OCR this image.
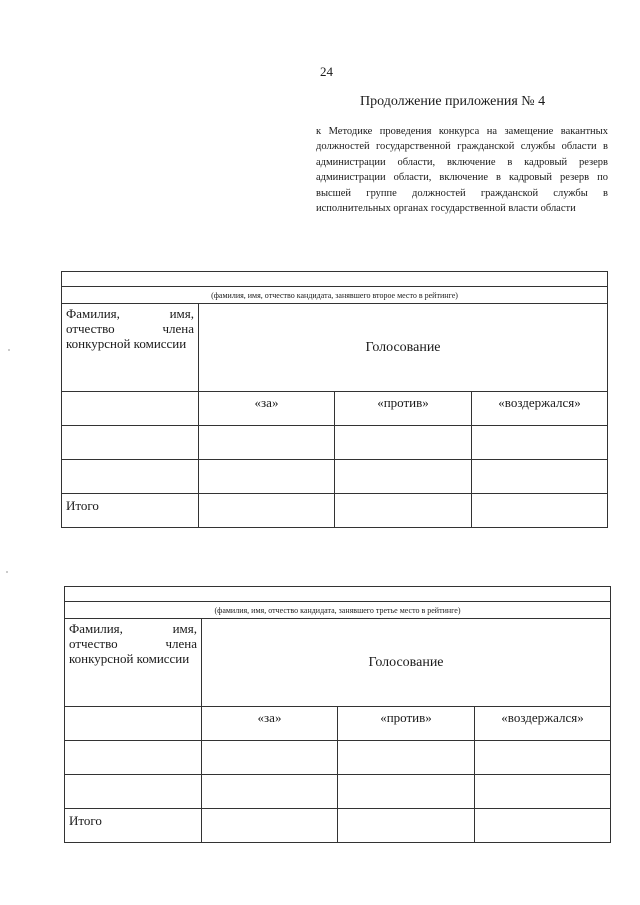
24
Продолжение приложения № 4
к Методике проведения конкурса на замещение вакантных должностей государственной гражданской службы области в администрации области, включение в кадровый резерв администрации области, включение в кадровый резерв по высшей группе должностей гражданской службы в исполнительных органах государственной власти области

(фамилия, имя, отчество кандидата, занявшего второе место в рейтинге)			

Фамилия, имя, отчество члена конкурсной комиссии	Голосование		
	«за»	«против»	«воздержался»

Итого			

(фамилия, имя, отчество кандидата, занявшего третье место в рейтинге)			

Фамилия, имя, отчество члена конкурсной комиссии	Голосование		
	«за»	«против»	«воздержался»

Итого			
